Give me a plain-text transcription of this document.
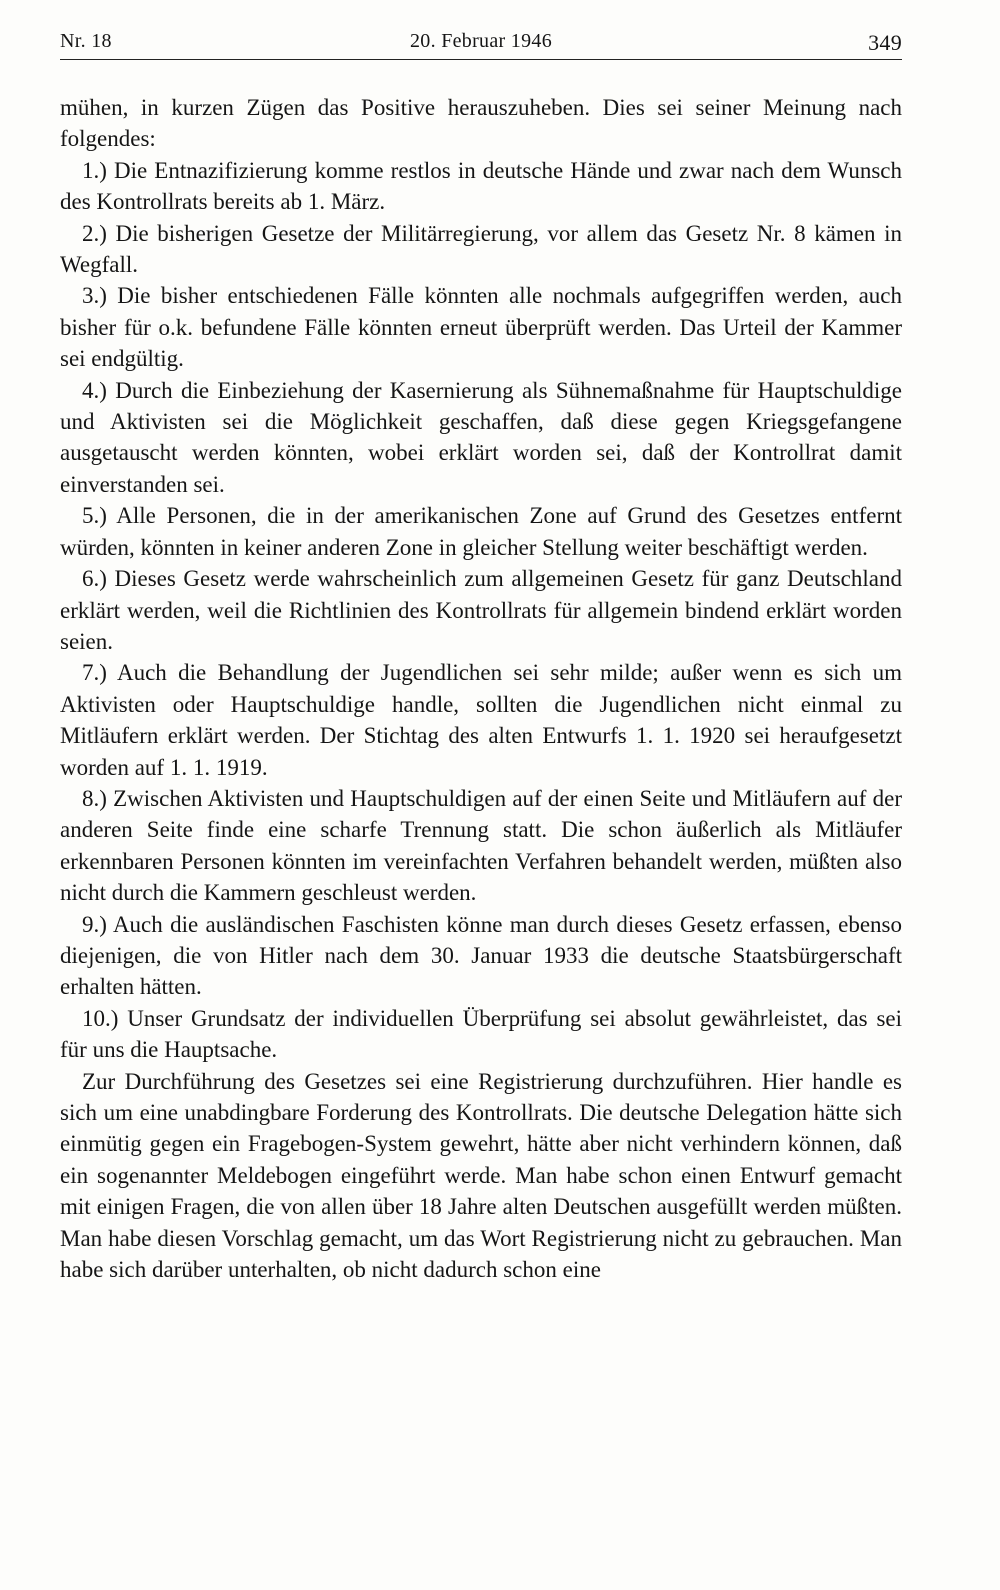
Nr. 18	20. Februar 1946	349

mühen, in kurzen Zügen das Positive herauszuheben. Dies sei seiner Meinung nach folgendes:

1.) Die Entnazifizierung komme restlos in deutsche Hände und zwar nach dem Wunsch des Kontrollrats bereits ab 1. März.

2.) Die bisherigen Gesetze der Militärregierung, vor allem das Gesetz Nr. 8 kämen in Wegfall.

3.) Die bisher entschiedenen Fälle könnten alle nochmals aufgegriffen werden, auch bisher für o.k. befundene Fälle könnten erneut überprüft werden. Das Urteil der Kammer sei endgültig.

4.) Durch die Einbeziehung der Kasernierung als Sühnemaßnahme für Hauptschuldige und Aktivisten sei die Möglichkeit geschaffen, daß diese gegen Kriegsgefangene ausgetauscht werden könnten, wobei erklärt worden sei, daß der Kontrollrat damit einverstanden sei.

5.) Alle Personen, die in der amerikanischen Zone auf Grund des Gesetzes entfernt würden, könnten in keiner anderen Zone in gleicher Stellung weiter beschäftigt werden.

6.) Dieses Gesetz werde wahrscheinlich zum allgemeinen Gesetz für ganz Deutschland erklärt werden, weil die Richtlinien des Kontrollrats für allgemein bindend erklärt worden seien.

7.) Auch die Behandlung der Jugendlichen sei sehr milde; außer wenn es sich um Aktivisten oder Hauptschuldige handle, sollten die Jugendlichen nicht einmal zu Mitläufern erklärt werden. Der Stichtag des alten Entwurfs 1. 1. 1920 sei heraufgesetzt worden auf 1. 1. 1919.

8.) Zwischen Aktivisten und Hauptschuldigen auf der einen Seite und Mitläufern auf der anderen Seite finde eine scharfe Trennung statt. Die schon äußerlich als Mitläufer erkennbaren Personen könnten im vereinfachten Verfahren behandelt werden, müßten also nicht durch die Kammern geschleust werden.

9.) Auch die ausländischen Faschisten könne man durch dieses Gesetz erfassen, ebenso diejenigen, die von Hitler nach dem 30. Januar 1933 die deutsche Staatsbürgerschaft erhalten hätten.

10.) Unser Grundsatz der individuellen Überprüfung sei absolut gewährleistet, das sei für uns die Hauptsache.

Zur Durchführung des Gesetzes sei eine Registrierung durchzuführen. Hier handle es sich um eine unabdingbare Forderung des Kontrollrats. Die deutsche Delegation hätte sich einmütig gegen ein Fragebogen-System gewehrt, hätte aber nicht verhindern können, daß ein sogenannter Meldebogen eingeführt werde. Man habe schon einen Entwurf gemacht mit einigen Fragen, die von allen über 18 Jahre alten Deutschen ausgefüllt werden müßten. Man habe diesen Vorschlag gemacht, um das Wort Registrierung nicht zu gebrauchen. Man habe sich darüber unterhalten, ob nicht dadurch schon eine
